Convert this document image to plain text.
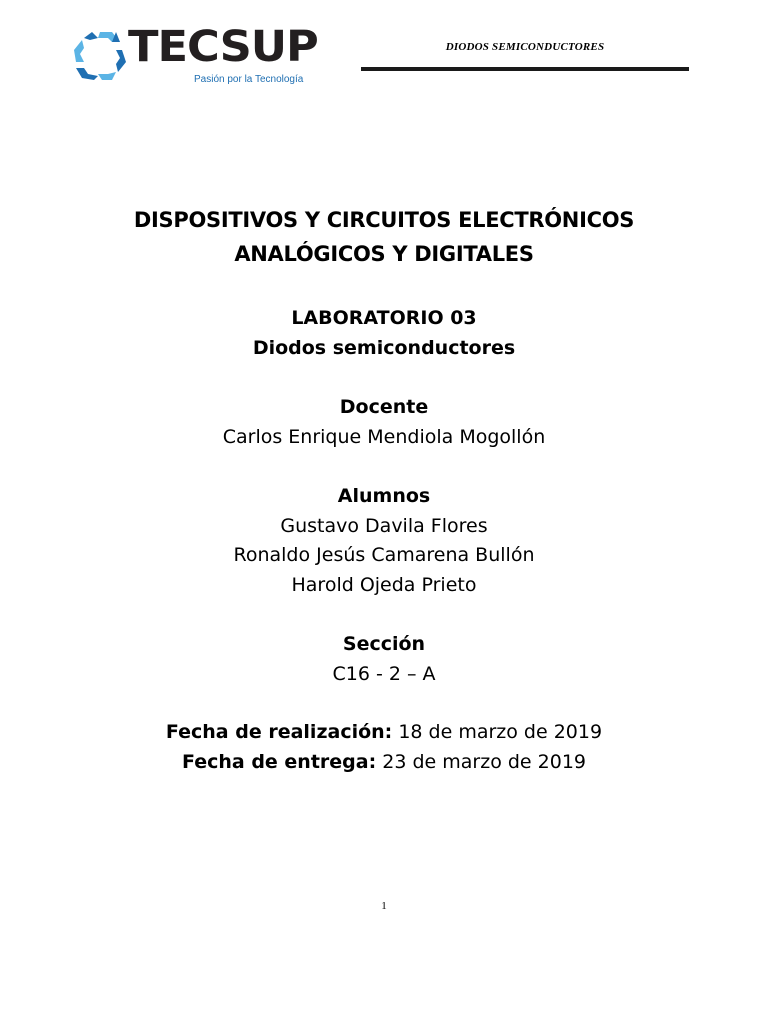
TECSUP
Pasión por la Tecnología
DIODOS SEMICONDUCTORES
DISPOSITIVOS Y CIRCUITOS ELECTRÓNICOS
ANALÓGICOS Y DIGITALES
LABORATORIO 03
Diodos semiconductores
Docente
Carlos Enrique Mendiola Mogollón
Alumnos
Gustavo Davila Flores
Ronaldo Jesús Camarena Bullón
Harold Ojeda Prieto
Sección
C16 - 2 – A
Fecha de realización: 18 de marzo de 2019
Fecha de entrega: 23 de marzo de 2019
1
